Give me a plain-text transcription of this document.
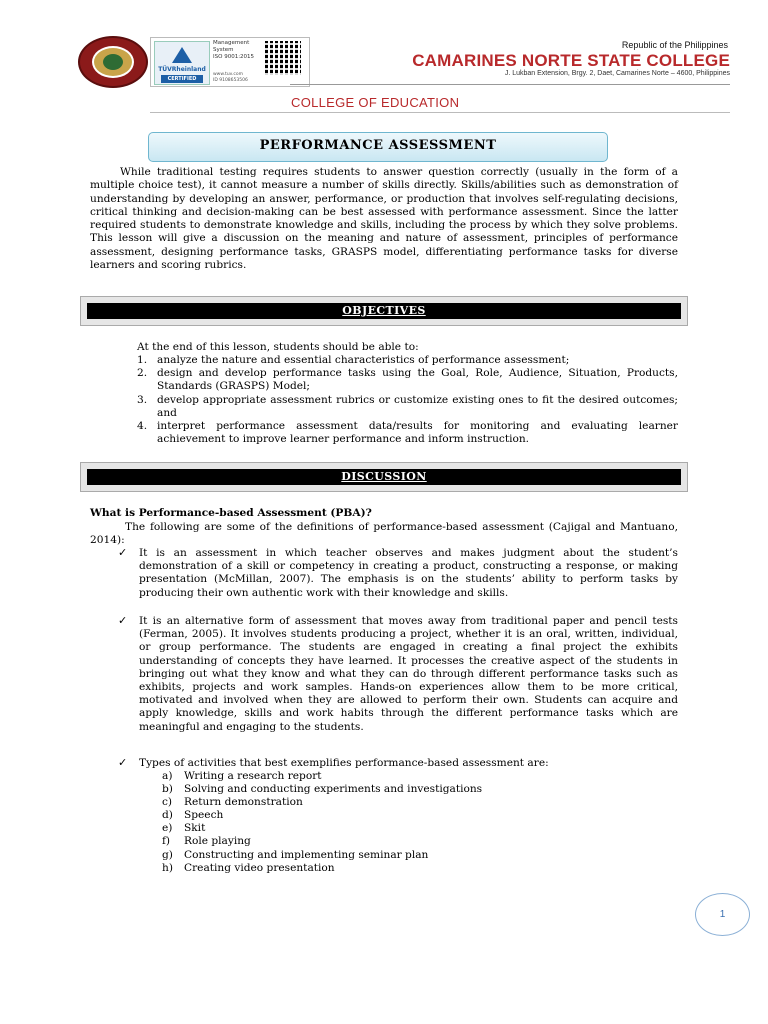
TÜVRheinland
CERTIFIED
Management
System
ISO 9001:2015
www.tuv.com
ID 9108653506
Republic of the Philippines
CAMARINES NORTE STATE COLLEGE
J. Lukban Extension, Brgy. 2, Daet, Camarines Norte – 4600, Philippines
COLLEGE OF EDUCATION
PERFORMANCE ASSESSMENT

While traditional testing requires students to answer question correctly (usually in the form of a multiple choice test), it cannot measure a number of skills directly. Skills/abilities such as demonstration of understanding by developing an answer, performance, or production that involves self-regulating decisions, critical thinking and decision-making can be best assessed with performance assessment. Since the latter required students to demonstrate knowledge and skills, including the process by which they solve problems. This lesson will give a discussion on the meaning and nature of assessment, principles of performance assessment, designing performance tasks, GRASPS model, differentiating performance tasks for diverse learners and scoring rubrics.

OBJECTIVES

At the end of this lesson, students should be able to:

1. analyze the nature and essential characteristics of performance assessment;
2. design and develop performance tasks using the Goal, Role, Audience, Situation, Products, Standards (GRASPS) Model;
3. develop appropriate assessment rubrics or customize existing ones to fit the desired outcomes; and
4. interpret performance assessment data/results for monitoring and evaluating learner achievement to improve learner performance and inform instruction.
DISCUSSION

What is Performance-based Assessment (PBA)?

The following are some of the definitions of performance-based assessment (Cajigal and Mantuano, 2014):

✓ It is an assessment in which teacher observes and makes judgment about the student’s demonstration of a skill or competency in creating a product, constructing a response, or making presentation (McMillan, 2007). The emphasis is on the students’ ability to perform tasks by producing their own authentic work with their knowledge and skills.

✓ It is an alternative form of assessment that moves away from traditional paper and pencil tests (Ferman, 2005). It involves students producing a project, whether it is an oral, written, individual, or group performance. The students are engaged in creating a final project the exhibits understanding of concepts they have learned. It processes the creative aspect of the students in bringing out what they know and what they can do through different performance tasks such as exhibits, projects and work samples. Hands-on experiences allow them to be more critical, motivated and involved when they are allowed to perform their own. Students can acquire and apply knowledge, skills and work habits through the different performance tasks which are meaningful and engaging to the students.

✓ Types of activities that best exemplifies performance-based assessment are:

a) Writing a research report
b) Solving and conducting experiments and investigations
c) Return demonstration
d) Speech
e) Skit
f) Role playing
g) Constructing and implementing seminar plan
h) Creating video presentation
1
